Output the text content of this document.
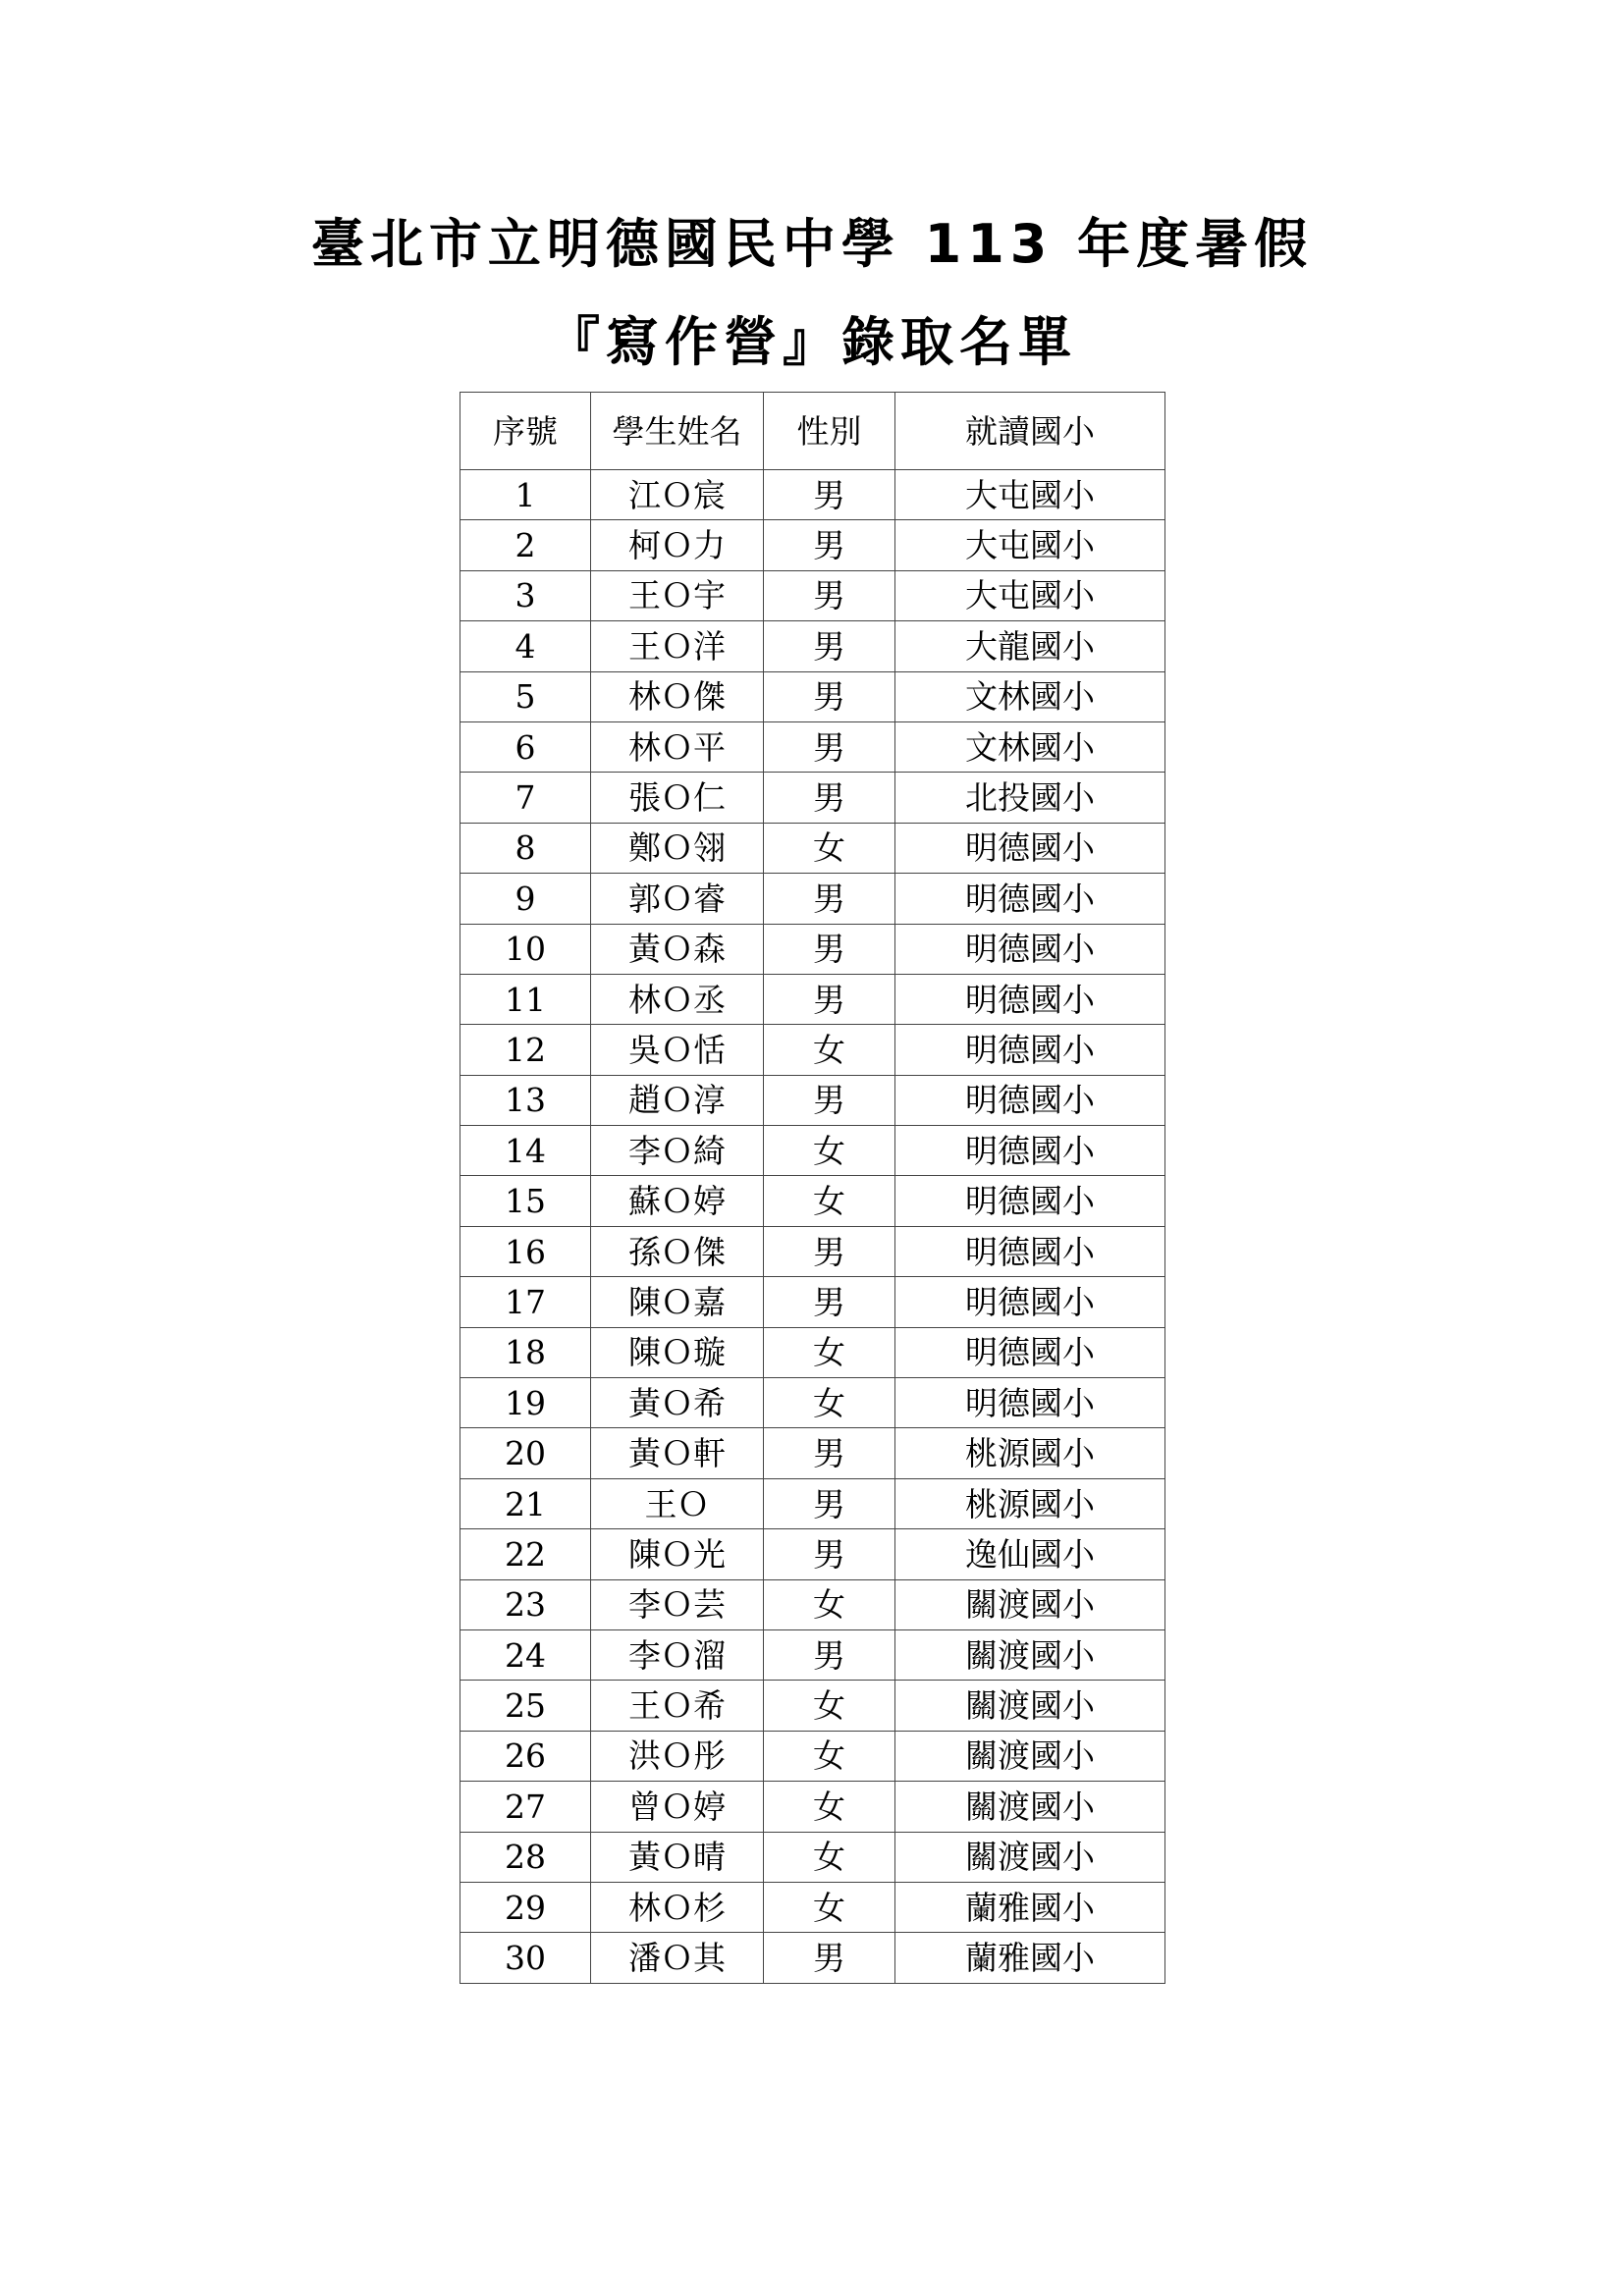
臺北市立明德國民中學 113 年度暑假
『寫作營』錄取名單
序號	學生姓名	性別	就讀國小
1	江Ｏ宸	男	大屯國小
2	柯Ｏ力	男	大屯國小
3	王Ｏ宇	男	大屯國小
4	王Ｏ洋	男	大龍國小
5	林Ｏ傑	男	文林國小
6	林Ｏ平	男	文林國小
7	張Ｏ仁	男	北投國小
8	鄭Ｏ翎	女	明德國小
9	郭Ｏ睿	男	明德國小
10	黃Ｏ森	男	明德國小
11	林Ｏ丞	男	明德國小
12	吳Ｏ恬	女	明德國小
13	趙Ｏ淳	男	明德國小
14	李Ｏ綺	女	明德國小
15	蘇Ｏ婷	女	明德國小
16	孫Ｏ傑	男	明德國小
17	陳Ｏ嘉	男	明德國小
18	陳Ｏ璇	女	明德國小
19	黃Ｏ希	女	明德國小
20	黃Ｏ軒	男	桃源國小
21	王Ｏ	男	桃源國小
22	陳Ｏ光	男	逸仙國小
23	李Ｏ芸	女	關渡國小
24	李Ｏ溜	男	關渡國小
25	王Ｏ希	女	關渡國小
26	洪Ｏ彤	女	關渡國小
27	曾Ｏ婷	女	關渡國小
28	黃Ｏ晴	女	關渡國小
29	林Ｏ杉	女	蘭雅國小
30	潘Ｏ其	男	蘭雅國小
